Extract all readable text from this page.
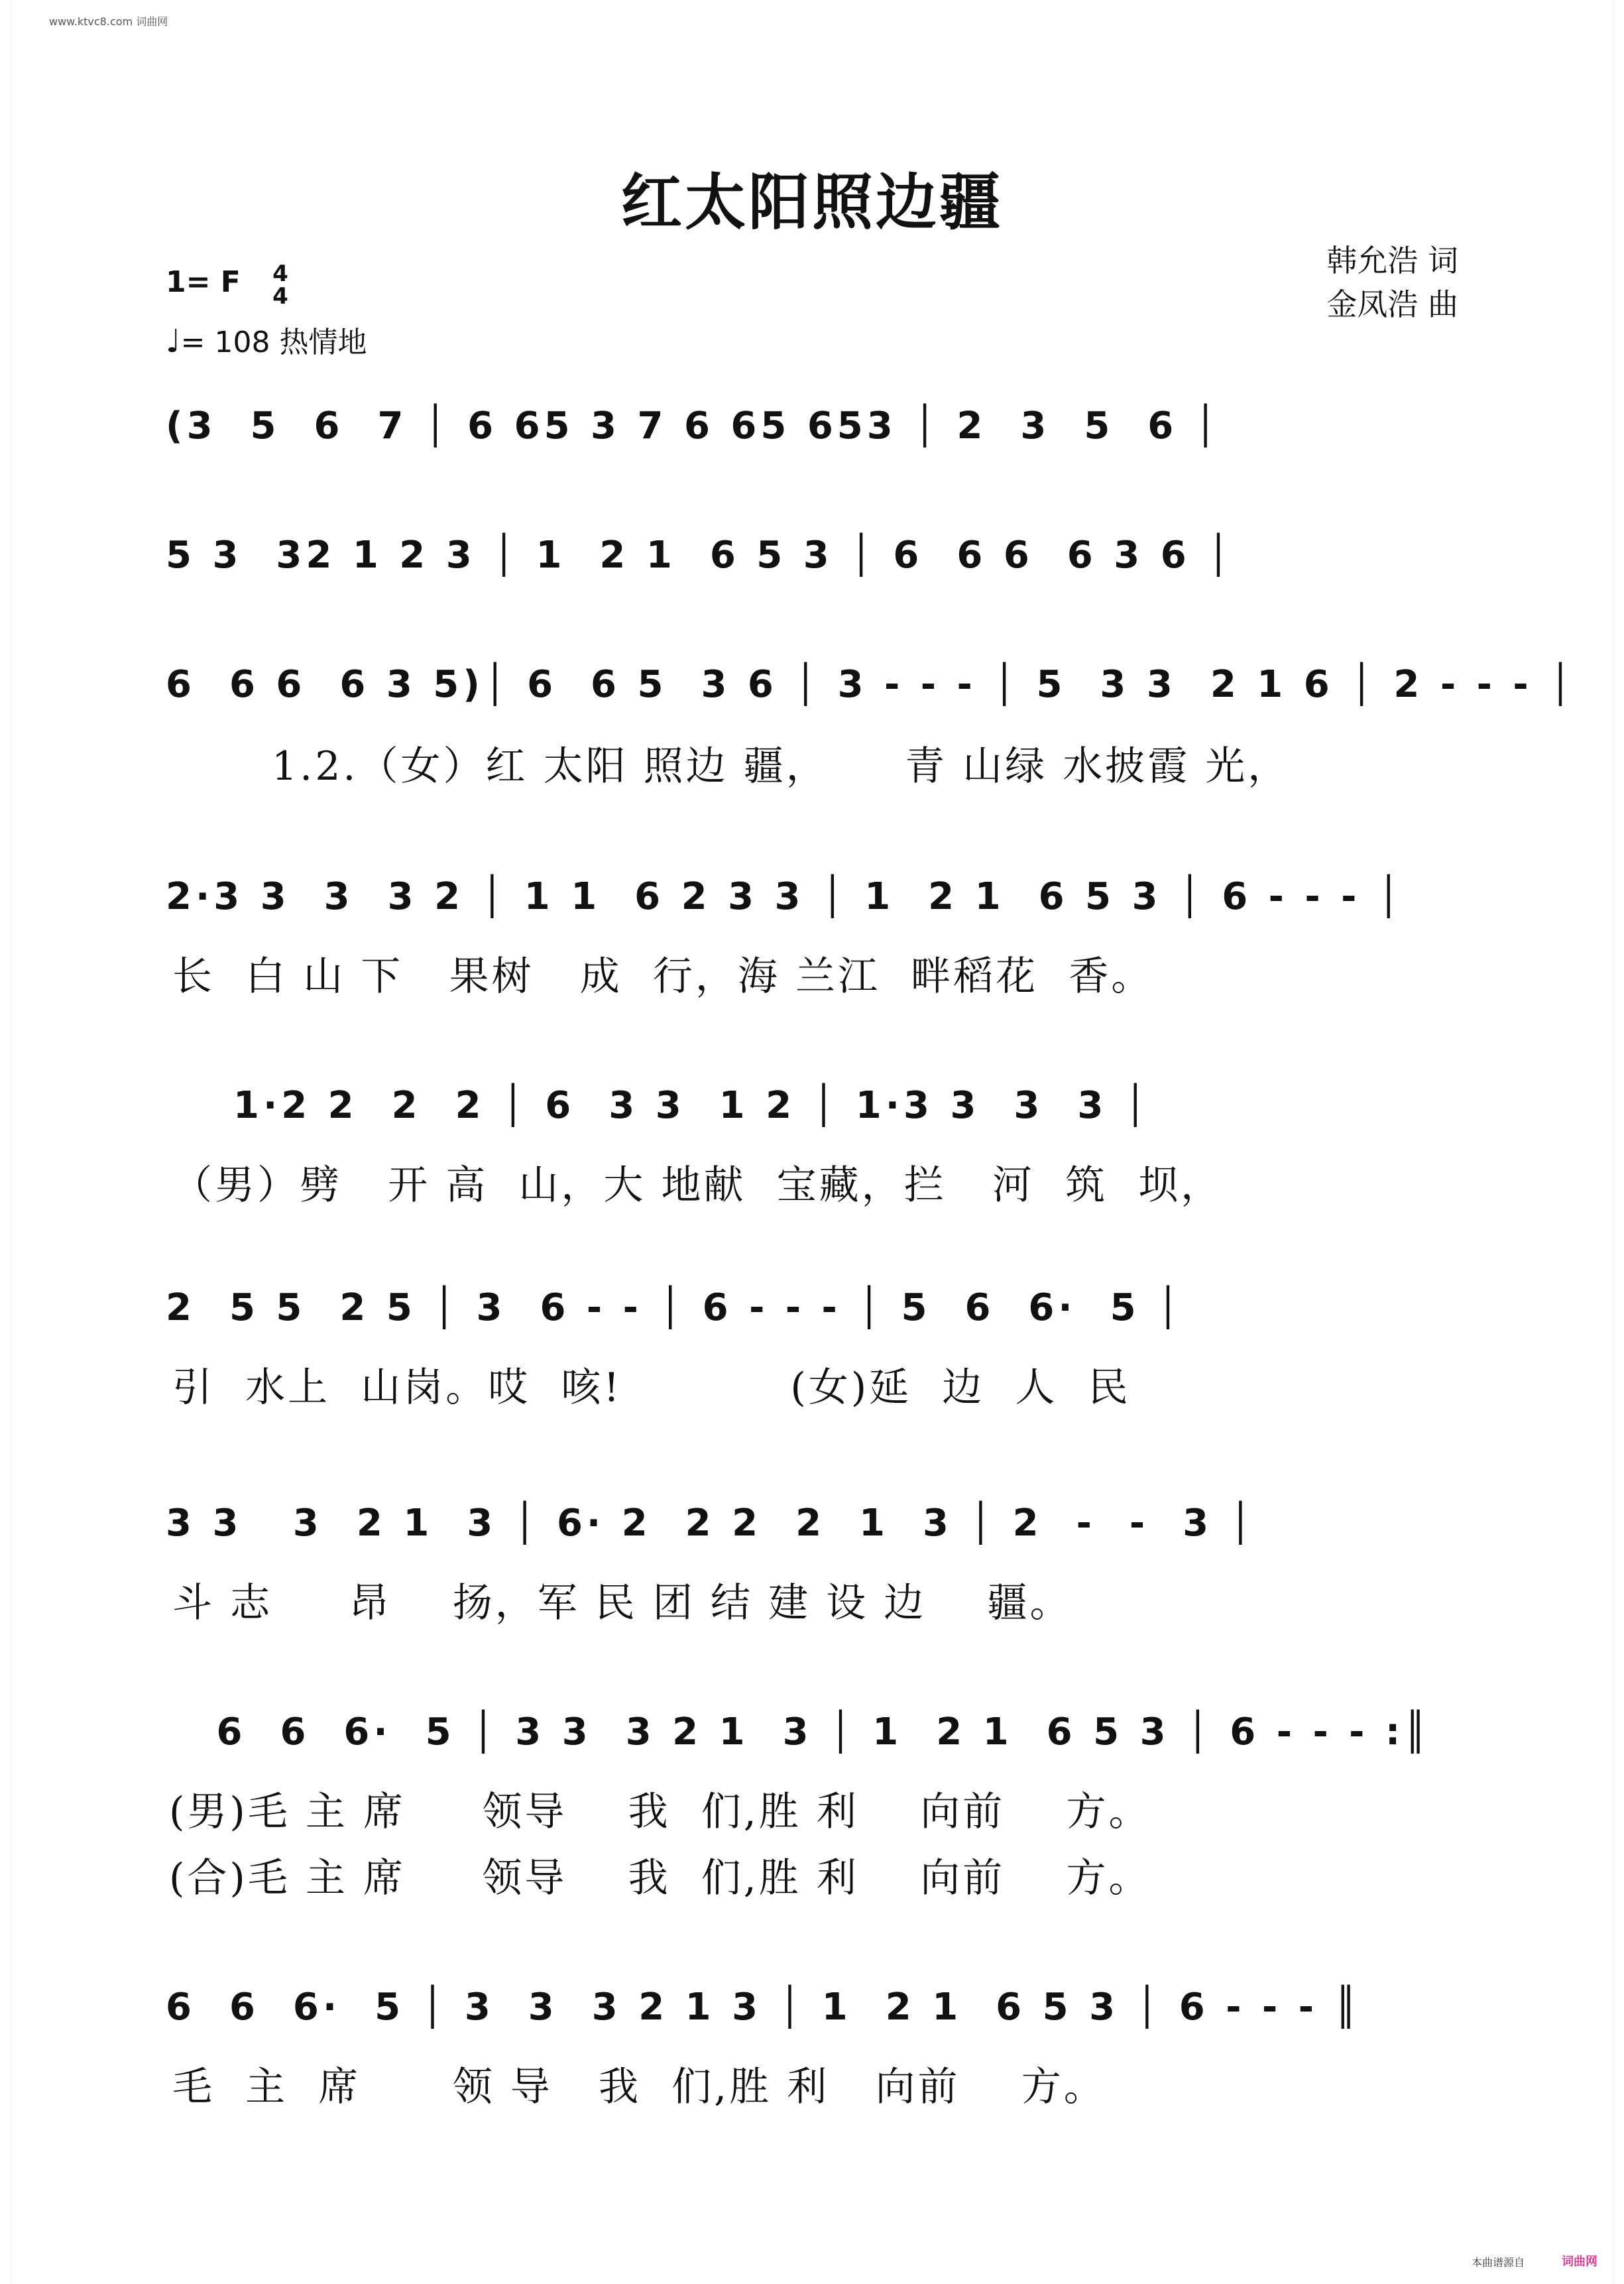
www.ktvc8.com 词曲网
红太阳照边疆
韩允浩 词
金凤浩 曲
1= F 4
4
♩= 108 热情地
(3  5  6  7 │ 6 65 3 7 6 65 653 │ 2  3  5  6 │
5 3  32 1 2 3 │ 1  2 1  6 5 3 │ 6  6 6  6 3 6 │
6  6 6  6 3 5)│ 6  6 5  3 6 │ 3 - - - │ 5  3 3  2 1 6 │ 2 - - - │
1.2.（女）红 太阳 照边 疆，     青 山绿 水披霞 光，
2·3 3  3  3 2 │ 1 1  6 2 3 3 │ 1  2 1  6 5 3 │ 6 - - - │
长  白 山 下   果树   成  行，海 兰江  畔稻花  香。
1·2 2  2  2 │ 6  3 3  1 2 │ 1·3 3  3  3 │
（男）劈   开 高  山，大 地献  宝藏，拦   河  筑  坝，
2  5 5  2 5 │ 3  6 - - │ 6 - - - │ 5  6  6·  5 │
引  水上  山岗。哎  咳!           (女)延  边  人  民
3 3   3  2 1  3 │ 6· 2  2 2  2  1  3 │ 2  -  -  3 │
斗 志     昂    扬，军 民 团 结 建 设 边    疆。
6  6  6·  5 │ 3 3  3 2 1  3 │ 1  2 1  6 5 3 │ 6 - - - :║
(男)毛 主 席     领导    我  们,胜 利    向前    方。
(合)毛 主 席     领导    我  们,胜 利    向前    方。
6  6  6·  5 │ 3  3  3 2 1 3 │ 1  2 1  6 5 3 │ 6 - - - ║
毛  主  席      领 导   我  们,胜 利   向前    方。
本曲谱源自	词曲网
